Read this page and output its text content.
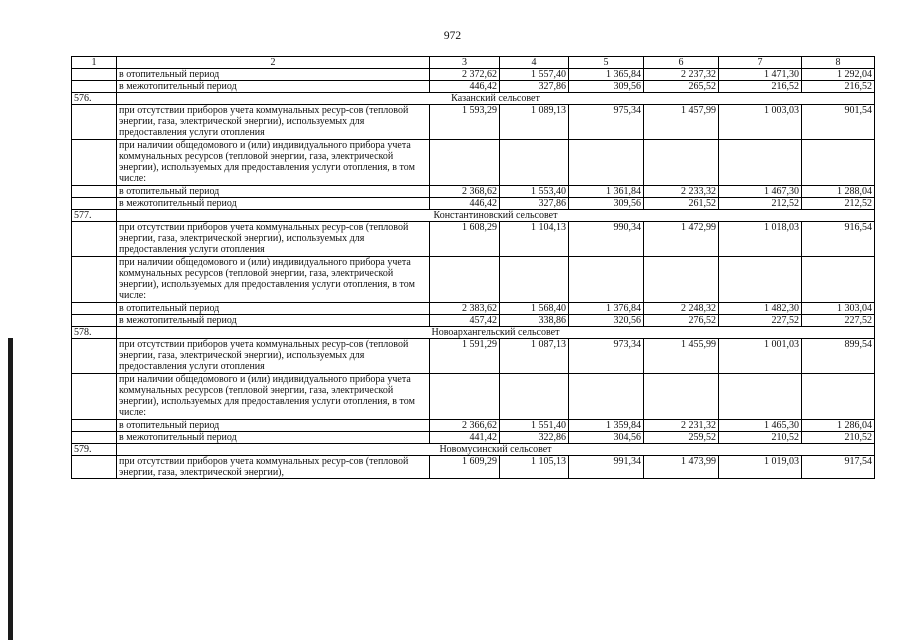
972
1	2	3	4	5	6	7	8
	в отопительный период	2 372,62	1 557,40	1 365,84	2 237,32	1 471,30	1 292,04
	в межотопительный период	446,42	327,86	309,56	265,52	216,52	216,52
576.	Казанский сельсовет						
	при отсутствии приборов учета коммунальных ресур-сов (тепловой энергии, газа, электрической энергии), используемых для предоставления услуги отопления	1 593,29	1 089,13	975,34	1 457,99	1 003,03	901,54
	при наличии общедомового и (или) индивидуального прибора учета коммунальных ресурсов (тепловой энергии, газа, электрической энергии), используемых для предоставления услуги отопления, в том числе:						
	в отопительный период	2 368,62	1 553,40	1 361,84	2 233,32	1 467,30	1 288,04
	в межотопительный период	446,42	327,86	309,56	261,52	212,52	212,52
577.	Константиновский сельсовет						
	при отсутствии приборов учета коммунальных ресур-сов (тепловой энергии, газа, электрической энергии), используемых для предоставления услуги отопления	1 608,29	1 104,13	990,34	1 472,99	1 018,03	916,54
	при наличии общедомового и (или) индивидуального прибора учета коммунальных ресурсов (тепловой энергии, газа, электрической энергии), используемых для предоставления услуги отопления, в том числе:						
	в отопительный период	2 383,62	1 568,40	1 376,84	2 248,32	1 482,30	1 303,04
	в межотопительный период	457,42	338,86	320,56	276,52	227,52	227,52
578.	Новоархангельский сельсовет						
	при отсутствии приборов учета коммунальных ресур-сов (тепловой энергии, газа, электрической энергии), используемых для предоставления услуги отопления	1 591,29	1 087,13	973,34	1 455,99	1 001,03	899,54
	при наличии общедомового и (или) индивидуального прибора учета коммунальных ресурсов (тепловой энергии, газа, электрической энергии), используемых для предоставления услуги отопления, в том числе:						
	в отопительный период	2 366,62	1 551,40	1 359,84	2 231,32	1 465,30	1 286,04
	в межотопительный период	441,42	322,86	304,56	259,52	210,52	210,52
579.	Новомусинский сельсовет						
	при отсутствии приборов учета коммунальных ресур-сов (тепловой энергии, газа, электрической энергии),	1 609,29	1 105,13	991,34	1 473,99	1 019,03	917,54
